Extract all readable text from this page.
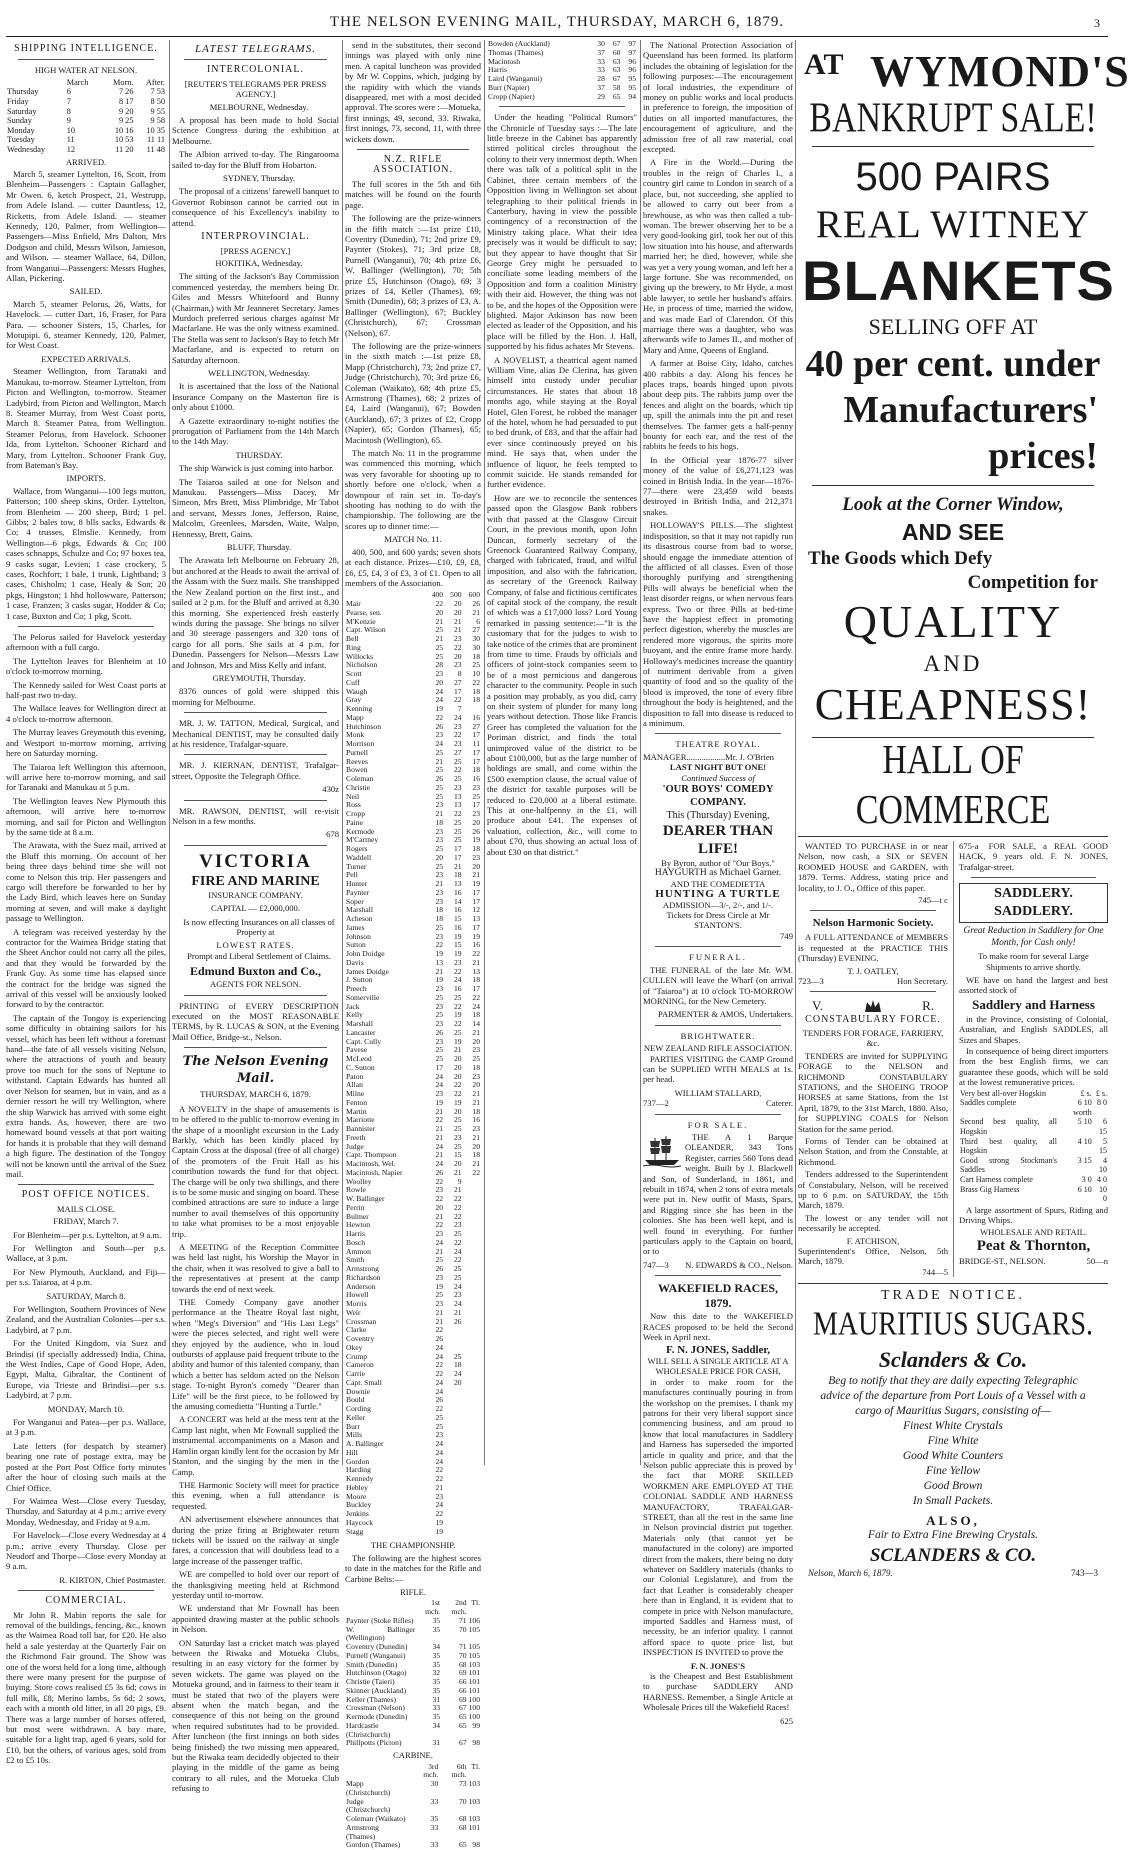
THE NELSON EVENING MAIL, THURSDAY, MARCH 6, 1879.	3
SHIPPING INTELLIGENCE.
HIGH WATER AT NELSON.
	March	Morn.	After.
Thursday	6	7 26	7 53
Friday	7	8 17	8 50
Saturday	8	9 20	9 55
Sunday	9	9 25	9 58
Monday	10	10 16	10 35
Tuesday	11	10 53	11 11
Wednesday	12	11 20	11 48
ARRIVED.

March 5, steamer Lyttelton, 16, Scott, from Blenheim—Passengers : Captain Gallagher, Mr Owen. 6, ketch Prospect, 21, Westrupp, from Adele Island. — cutter Dauntless, 12, Ricketts, from Adele Island. — steamer Kennedy, 120, Palmer, from Wellington—Passengers—Miss Enfield, Mrs Dalton, Mrs Dodgson and child, Messrs Wilson, Jamieson, and Wilson. — steamer Wallace, 64, Dillon, from Wanganui—Passengers: Messrs Hughes, Allan, Pickering.

SAILED.

March 5, steamer Pelorus, 26, Watts, for Havelock. — cutter Dart, 16, Fraser, for Para Para. — schooner Sisters, 15, Charles, for Motupipi. 6, steamer Kennedy, 120, Palmer, for West Coast.

EXPECTED ARRIVALS.

Steamer Wellington, from Taranaki and Manukau, to-morrow. Steamer Lyttelton, from Picton and Wellington, to-morrow. Steamer Ladybird, from Picton and Wellington, March 8. Steamer Murray, from West Coast ports, March 8. Steamer Patea, from Wellington. Steamer Pelorus, from Havelock. Schooner Ida, from Lyttelton. Schooner Richard and Mary, from Lyttelton. Schooner Frank Guy, from Bateman's Bay.

IMPORTS.

Wallace, from Wanganui—100 legs mutton, Patterson; 100 sheep skins, Order. Lyttelton, from Blenheim — 200 sheep, Bird; 1 pel. Gibbs; 2 bales tow, 8 blls sacks, Edwards & Co; 4 trusses, Elmslie. Kennedy, from Wellington—6 pkgs, Edwards & Co; 100 cases schnapps, Schulze and Co; 97 boxes tea, 9 casks sugar, Levien; 1 case crockery, 5 cases, Rochfort; 1 bale, 1 trunk, Lightband; 3 cases, Chisholm; 1 case, Healy & Son; 20 pkgs, Hingston; 1 hhd hollowware, Patterson; 1 case, Franzen; 3 casks sugar, Hodder & Co; 1 case, Buxton and Co; 1 pkg, Scott.

The Pelorus sailed for Havelock yesterday afternoon with a full cargo.

The Lyttelton leaves for Blenheim at 10 o'clock to-morrow morning.

The Kennedy sailed for West Coast ports at half-past two to-day.

The Wallace leaves for Wellington direct at 4 o'clock to-morrow afternoon.

The Murray leaves Greymouth this evening, and Westport to-morrow morning, arriving here on Saturday morning.

The Taiaroa left Wellington this afternoon, will arrive here to-morrow morning, and sail for Taranaki and Manukau at 5 p.m.

The Wellington leaves New Plymouth this afternoon, will arrive here to-morrow morning, and sail for Picton and Wellington by the same tide at 8 a.m.

The Arawata, with the Suez mail, arrived at the Bluff this morning. On account of her being three days behind time she will not come to Nelson this trip. Her passengers and cargo will therefore be forwarded to her by the Lady Bird, which leaves here on Sunday morning at seven, and will make a daylight passage to Wellington.

A telegram was received yesterday by the contractor for the Waimea Bridge stating that the Sheet Anchor could not carry all the piles, and that they would be forwarded by the Frank Guy. As some time has elapsed since the contract for the bridge was signed the arrival of this vessel will be anxiously looked forward to by the contractor.

The captain of the Tongoy is experiencing some difficulty in obtaining sailors for his vessel, which has been left without a foremast hand—the fate of all vessels visiting Nelson, where the attractions of youth and beauty prove too much for the sons of Neptune to withstand. Captain Edwards has hunted all over Nelson for seamen, but in vain, and as a dernier ressort he will try Wellington, where the ship Warwick has arrived with some eight extra hands. As, however, there are two homeward bound vessels at that port waiting for hands it is probable that they will demand a high figure. The destination of the Tongoy will not be known until the arrival of the Suez mail.

POST OFFICE NOTICES.
MAILS CLOSE.

FRIDAY, March 7.

For Blenheim—per p.s. Lyttelton, at 9 a.m.

For Wellington and South—per p.s. Wallace, at 3 p.m.

For New Plymouth, Auckland, and Fiji—per s.s. Taiaroa, at 4 p.m.

SATURDAY, March 8.

For Wellington, Southern Provinces of New Zealand, and the Australian Colonies—per s.s. Ladybird, at 7 p.m.

For the United Kingdom, via Suez and Brindisi (if specially addressed) India, China, the West Indies, Cape of Good Hope, Aden, Egypt, Malta, Gibraltar, the Continent of Europe, via Trieste and Brindisi—per s.s. Ladybird, at 7 p.m.

MONDAY, March 10.

For Wanganui and Patea—per p.s. Wallace, at 3 p.m.

Late letters (for despatch by steamer) bearing one rate of postage extra, may be posted at the Port Post Office forty minutes after the hour of closing such mails at the Chief Office.

For Waimea West—Close every Tuesday, Thursday, and Saturday at 4 p.m.; arrive every Monday, Wednesday, and Friday at 9 a.m.

For Havelock—Close every Wednesday at 4 p.m.; arrive every Thursday. Close per Neudorf and Thorpe—Close every Monday at 9 a.m.

R. KIRTON, Chief Postmaster.

COMMERCIAL.

Mr John R. Mabin reports the sale for removal of the buildings, fencing, &c., known as the Waimea Road toll bar, for £20. He also held a sale yesterday at the Quarterly Fair on the Richmond Fair ground. The Show was one of the worst held for a long time, although there were many present for the purpose of buying. Store cows realised £5 3s 6d; cows in full milk, £8; Merino lambs, 5s 6d; 2 sows, each with a month old litter, in all 20 pigs, £9. There was a large number of horses offered, but most were withdrawn. A bay mare, suitable for a light trap, aged 6 years, sold for £10, but the others, of various ages, sold from £2 to £5 10s.

LATEST TELEGRAMS.
INTERCOLONIAL.
[REUTER'S TELEGRAMS PER PRESS AGENCY.]

MELBOURNE, Wednesday.

A proposal has been made to hold Social Science Congress during the exhibition at Melbourne.

The Albion arrived to-day. The Ringarooma sailed to-day for the Bluff from Hobarton.

SYDNEY, Thursday.

The proposal of a citizens' farewell banquet to Governor Robinson cannot be carried out in consequence of his Excellency's inability to attend.

INTERPROVINCIAL.
[PRESS AGENCY.]

HOKITIKA, Wednesday.

The sitting of the Jackson's Bay Commission commenced yesterday, the members being Dr. Giles and Messrs Whitefoord and Bunny (Chairman,) with Mr Jeanneret Secretary. James Murdoch preferred serious charges against Mr Macfarlane. He was the only witness examined. The Stella was sent to Jackson's Bay to fetch Mr Macfarlane, and is expected to return on Saturday afternoon.

WELLINGTON, Wednesday.

It is ascertained that the loss of the National Insurance Company on the Masterton fire is only about £1000.

A Gazette extraordinary to-night notifies the prorogation of Parliament from the 14th March to the 14th May.

THURSDAY.

The ship Warwick is just coming into harbor.

The Taiaroa sailed at one for Nelson and Manukau. Passengers—Miss Dacey, Mr Simeon, Mrs Brett, Miss Plimbridge, Mr Tabot and servant, Messrs Jones, Jefferson, Raine, Malcolm, Greenlees, Marsden, Waite, Walpo, Hennessy, Brett, Gains.

BLUFF, Thursday.

The Arawata left Melbourne on February 28, but anchored at the Heads to await the arrival of the Assam with the Suez mails. She transhipped the New Zealand portion on the first inst., and sailed at 2 p.m. for the Bluff and arrived at 8.30 this morning. She experienced fresh easterly winds during the passage. She brings no silver and 30 steerage passengers and 320 tons of cargo for all ports. She sails at 4 p.m. for Dunedin. Passengers for Nelson—Messrs Law and Johnson, Mrs and Miss Kelly and infant.

GREYMOUTH, Thursday.

8376 ounces of gold were shipped this morning for Melbourne.

MR. J. W. TATTON, Medical, Surgical, and Mechanical DENTIST, may be consulted daily at his residence, Trafalgar-square.

MR. J. KIERNAN, DENTIST, Trafalgar-street, Opposite the Telegraph Office.

430z

MR. RAWSON, DENTIST, will re-visit Nelson in a few months.

678

VICTORIA
FIRE AND MARINE
INSURANCE COMPANY.
CAPITAL — £2,000,000.

Is now effecting Insurances on all classes of Property at

LOWEST RATES.

Prompt and Liberal Settlement of Claims.

Edmund Buxton and Co.,
AGENTS FOR NELSON.

PRINTING of EVERY DESCRIPTION executed on the MOST REASONABLE TERMS, by R. LUCAS & SON, at the Evening Mail Office, Bridge-st., Nelson.

The Nelson Evening Mail.
THURSDAY, MARCH 6, 1879.

A NOVELTY in the shape of amusements is to be offered to the public to-morrow evening in the shape of a moonlight excursion in the Lady Barkly, which has been kindly placed by Captain Cross at the disposal (free of all charge) of the promoters of the Fruit Hall as his contribution towards the fund for that object. The charge will be only two shillings, and there is to be some music and singing on board. These combined attractions are sure to induce a large number to avail themselves of this opportunity to take what promises to be a most enjoyable trip.

A MEETING of the Reception Committee was held last night, his Worship the Mayor in the chair, when it was resolved to give a ball to the representatives at present at the camp towards the end of next week.

THE Comedy Company gave another performance at the Theatre Royal last night, when "Meg's Diversion" and "His Last Legs" were the pieces selected, and right well were they enjoyed by the audience, who in loud outbursts of applause paid frequent tribute to the ability and humor of this talented company, than which a better has seldom acted on the Nelson stage. To-night Byron's comedy "Dearer than Life" will be the first piece, to be followed by the amusing comedietta "Hunting a Turtle."

A CONCERT was held at the mess tent at the Camp last night, when Mr Fownall supplied the instrumental accompaniments on a Mason and Hamlin organ kindly lent for the occasion by Mr Stanton, and the singing by the men in the Camp.

THE Harmonic Society will meet for practice this evening, when a full attendance is requested.

AN advertisement elsewhere announces that during the prize firing at Brightwater return tickets will be issued on the railway at single fares, a concession that will doubtless lead to a large increase of the passenger traffic.

WE are compelled to hold over our report of the thanksgiving meeting held at Richmond yesterday until to-morrow.

WE understand that Mr Fownall has been appointed drawing master at the public schools in Nelson.

ON Saturday last a cricket match was played between the Riwaka and Motueka Clubs, resulting in an easy victory for the former by seven wickets. The game was played on the Motueka ground, and in fairness to their team it must be stated that two of the players were absent when the match began, and the consequence of this not being on the ground when required substitutes had to be provided. After luncheon (the first innings on both sides being finished) the two missing men appeared, but the Riwaka team decidedly objected to their playing in the middle of the game as being contrary to all rules, and the Motueka Club refusing to

send in the substitutes, their second innings was played with only nine men. A capital luncheon was provided by Mr W. Coppins, which, judging by the rapidity with which the viands disappeared, met with a most decided approval. The scores were :—Motueka, first innings, 49, second, 33. Riwaka, first innings, 73, second, 11, with three wickets down.

N.Z. RIFLE ASSOCIATION.

The full scores in the 5th and 6th matches will be found on the fourth page.

The following are the prize-winners in the fifth match :—1st prize £10, Coventry (Dunedin), 71; 2nd prize £9, Paynter (Stokes), 71; 3rd prize £8, Purnell (Wanganui), 70; 4th prize £6, W. Ballinger (Wellington), 70; 5th prize £5, Hutchinson (Otago), 69; 3 prizes of £4, Keller (Thames), 69; Smith (Dunedin), 68; 3 prizes of £3, A. Ballinger (Wellington), 67; Buckley (Christchurch), 67; Crossman (Nelson), 67.

The following are the prize-winners in the sixth match :—1st prize £8, Mapp (Christchurch), 73; 2nd prize £7, Judge (Christchurch), 70; 3rd prize £6, Coleman (Waikato), 68; 4th prize £5, Armstrong (Thames), 68; 2 prizes of £4, Laird (Wanganui), 67; Bowden (Auckland), 67; 3 prizes of £2, Cropp (Napier), 65; Gordon (Thames), 65; Macintosh (Wellington), 65.

The match No. 11 in the programme was commenced this morning, which was very favorable for shooting up to shortly before one o'clock, when a downpour of rain set in. To-day's shooting has nothing to do with the championship. The following are the scores up to dinner time:—

MATCH No. 11.

400, 500, and 600 yards; seven shots at each distance. Prizes—£10, £9, £8, £6, £5, £4, 3 of £3, 3 of £1. Open to all members of the Association.

	400	500	600
Mair	22	20	26
Pearse, sen.	20	20	21
M'Kenzie	21	21	6
Capt. Wilson	25	21	27
Bell	21	23	30
Ring	25	22	30
Willocks	25	20	18
Nicholson	28	23	25
Scott	23	8	10
Cuff	20	27	22
Waugh	24	17	18
Gray	24	22	18
Kenning	19	7	
Mapp	22	24	16
Hutchinson	26	23	27
Monk	23	22	17
Morrison	24	23	11
Purnell	25	27	17
Reeves	21	25	17
Bowen	25	22	18
Coleman	26	25	16
Christie	25	23	23
Neil	25	13	25
Ross	23	13	17
Cropp	21	22	23
Paine	18	25	20
Kermode	23	25	26
M'Cartney	23	25	19
Rogers	25	17	18
Waddell	20	17	23
Turner	25	21	20
Pell	23	18	21
Hunter	21	13	19
Paynter	23	16	17
Soper	23	14	17
Marshall	18	16	12
Acheson	18	15	13
James	25	16	17
Johnson	23	19	19
Sutton	22	15	16
John Doidge	19	19	22
Davis	13	23	21
James Doidge	21	22	13
J. Sutton	19	24	18
Preech	23	16	17
Somerville	25	25	22
Jack	23	22	24
Kelly	25	19	18
Marshall	23	22	14
Lancaster	26	25	21
Capt. Cully	23	19	20
Pavese	25	21	23
McLeod	25	20	25
C. Sutton	17	20	18
Paton	24	20	23
Allan	24	22	20
Milne	23	22	21
Fenton	19	19	21
Martin	21	20	18
Marriotte	22	25	16
Bannister	21	25	23
Freeth	21	23	21
Judge	24	25	20
Capt. Thompson	21	15	18
Macintosh, Wel.	24	20	21
Macintosh, Napier	26	21	22
Woolley	22	9	
Rowle	23	21	
W. Ballinger	22	22	
Perrin	20	22	
Bulmer	21	22	
Hewton	22	23	
Harris	23	25	
Bosch	24	22	
Ammon	21	24	
Smith	25	22	
Armstrong	26	25	
Richardson	23	25	
Anderson	19	24	
Howell	25	23	
Morris	23	24	
Weir	21	21	
Crossman	21	26	
Clarke	22		
Coventry	26		
Okey	24		
Crump	24	25	
Cameron	22	18	
Carrie	22	24	
Capt. Small	24	20	
Downie	24		
Bould	26		
Cording	22		
Keller	25		
Burr	25		
Mills	23		
A. Ballinger	24		
Hill	24		
Gordon	24		
Harding	22		
Kennedy	22		
Hebley	21		
Moore	23		
Buckley	24		
Jenkins	22		
Haycock	19		
Stagg	19		
THE CHAMPIONSHIP.

The following are the highest scores to date in the matches for the Rifle and Carbine Belts:—

RIFLE.
	1st mch.	2nd mch.	Tl.
Paynter (Stoke Rifles)	35	71	106
W. Ballinger (Wellington)	35	70	105
Coventry (Dunedin)	34	71	105
Purnell (Wanganui)	35	70	105
Smith (Dunedin)	35	68	103
Hutchinson (Otago)	32	69	101
Christie (Taieri)	35	66	101
Skinner (Auckland)	35	66	101
Keller (Thames)	31	69	100
Crossman (Nelson)	33	67	100
Kermode (Dunedin)	35	65	100
Hardcastle (Christchurch)	34	65	99
Phillpotts (Picton)	31	67	98
CARBINE.
	3rd mch.	6th mch.	Tl.
Mapp (Christchurch)	30	73	103
Judge (Christchurch)	33	70	103
Coleman (Waikato)	35	68	103
Armstrong (Thames)	33	68	101
Gordon (Thames)	33	65	98
Bowden (Auckland)	30	67	97
Thomas (Thames)	37	60	97
Macintosh	33	63	96
Harris	33	63	96
Laird (Wanganui)	28	67	95
Burr (Napier)	37	58	95
Cropp (Napier)	29	65	94

Under the heading "Political Rumors" the Chronicle of Tuesday says :—The late little breeze in the Cabinet has apparently stirred political circles throughout the colony to their very innermost depth. When there was talk of a political split in the Cabinet, three certain members of the Opposition living in Wellington set about telegraphing to their political friends in Canterbury, having in view the possible contingency of a reconstruction of the Ministry taking place. What their idea precisely was it would be difficult to say; but they appear to have thought that Sir George Grey might be persuaded to conciliate some leading members of the Opposition and form a coalition Ministry with their aid. However, the thing was not to be, and the hopes of the Opposition were blighted. Major Atkinson has now been elected as leader of the Opposition, and his place will be filled by the Hon. J. Hall, supported by his fidus achates Mr Stevens.

A NOVELIST, a theatrical agent named William Vine, alias De Clerina, has given himself into custody under peculiar circumstances. He states that about 18 months ago, while staying at the Royal Hotel, Glen Forest, he robbed the manager of the hotel, whom he had persuaded to put to bed drunk, of £83, and that the affair had ever since continuously preyed on his mind. He says that, when under the influence of liquor, he feels tempted to commit suicide. He stands remanded for further evidence.

How are we to reconcile the sentences passed upon the Glasgow Bank robbers with that passed at the Glasgow Circuit Court, in the previous month, upon John Duncan, formerly secretary of the Greenock Guaranteed Railway Company, charged with fabricated, fraud, and wilful imposition, and also with the fabrication, as secretary of the Greenock Railway Company, of false and fictitious certificates of capital stock of the company, the result of which was a £17,000 loss? Lord Young remarked in passing sentence:—"It is the customary that for the judges to wish to take notice of the crimes that are prominent from time to time. Frauds by officials and officers of joint-stock companies seem to be of a most pernicious and dangerous character to the community. People in such a position may probably, as you did, carry on their system of plunder for many long years without detection. Those like Francis Greer has completed the valuation for the Poriman district, and finds the total unimproved value of the district to be about £100,000, but as the large number of holdings are small, and come within the £500 exemption clause, the actual value of the district for taxable purposes will be reduced to £20,000 at a liberal estimate. This at one-halfpenny in the £1, will produce about £41. The expenses of valuation, collection, &c., will come to about £70, thus showing an actual loss of about £30 on that district."

The National Protection Association of Queensland has been formed. Its platform includes the obtaining of legislation for the following purposes:—The encouragement of local industries, the expenditure of money on public works and local products in preference to foreign, the imposition of duties on all imported manufactures, the encouragement of agriculture, and the admission free of all raw material, coal excepted.

A Fire in the World.—During the troubles in the reign of Charles I., a country girl came to London in search of a place, but, not succeeding, she applied to be allowed to carry out beer from a brewhouse, as who was then called a tub-woman. The brewer observing her to be a very good-looking girl, took her out of this low situation into his house, and afterwards married her; he died, however, while she was yet a very young woman, and left her a large fortune. She was recommended, on giving up the brewery, to Mr Hyde, a most able lawyer, to settle her husband's affairs. He, in process of time, married the widow, and was made Earl of Clarendon. Of this marriage there was a daughter, who was afterwards wife to James II., and mother of Mary and Anne, Queens of England.

A farmer at Boise City, Idaho, catches 400 rabbits a day. Along his fences he places traps, boards hinged upon pivots about deep pits. The rabbits jump over the fences and alight on the boards, which tip up, spill the animals into the pit and reset themselves. The farmer gets a half-penny bounty for each ear, and the rest of the rabbits he feeds to his hogs.

In the Official year 1876-77 silver money of the value of £6,271,123 was coined in British India. In the year—1876-77—there were 23,459 wild beasts destroyed in British India, and 212,371 snakes.

HOLLOWAY'S PILLS.—The slightest indisposition, so that it may not rapidly run its disastrous course from bad to worse, should engage the immediate attention of the afflicted of all classes. Even of those thoroughly purifying and strengthening Pills will always be beneficial when the least disorder reigns, or when nervous fears express. Two or three Pills at bed-time have the happiest effect in promoting perfect digestion, whereby the muscles are rendered more vigorous, the spirits more buoyant, and the entire frame more hardy. Holloway's medicines increase the quantity of nutriment derivable from a given quantity of food and so the quality of the blood is improved, the tone of every fibre throughout the body is heightened, and the disposition to fall into disease is reduced to a minimum.

THEATRE ROYAL.
MANAGER..................Mr. J. O'Brien
LAST NIGHT BUT ONE!
Continued Success of
'OUR BOYS' COMEDY COMPANY.
This (Thursday) Evening,
DEARER THAN LIFE!
By Byron, author of "Our Boys."
HAYGURTH as Michael Garner.
AND THE COMEDIETTA
HUNTING A TURTLE
ADMISSION—3/-, 2/-, and 1/-.
Tickets for Dress Circle at Mr STANTON'S.
749
FUNERAL.

THE FUNERAL of the late Mr. WM. CULLEN will leave the Wharf (on arrival of "Taiaroa") at 10 o'clock TO-MORROW MORNING, for the New Cemetery.

PARMENTER & AMOS, Undertakers.

BRIGHTWATER.
NEW ZEALAND RIFLE ASSOCIATION.

PARTIES VISITING the CAMP Ground can be SUPPLIED WITH MEALS at 1s. per head.

WILLIAM STALLARD,
737—2	Caterer.
FOR SALE.

THE A 1 Barque OLEANDER, 343 Tons Register, carries 560 Tons dead weight. Built by J. Blackwell and Son, of Sunderland, in 1861, and rebuilt in 1874, when 2 tons of extra metals were put in. New outfit of Masts, Spars, and Rigging since she has been in the colonies. She has been well kept, and is well found in everything. For further particulars apply to the Captain on board, or to

747—3 N. EDWARDS & CO., Nelson.
WAKEFIELD RACES, 1879.

Now this date to the WAKEFIELD RACES proposed to be held the Second Week in April next.

F. N. JONES, Saddler,
WILL SELL A SINGLE ARTICLE AT A WHOLESALE PRICE FOR CASH,

in order to make room for the manufactures continually pouring in from the workshop on the premises. I thank my patrons for their very liberal support since commencing business, and am proud to know that local manufactures in Saddlery and Harness has superseded the imported article in quality and price, and that the Nelson public appreciate this is proved by the fact that MORE SKILLED WORKMEN ARE EMPLOYED AT THE COLONIAL SADDLE AND HARNESS MANUFACTORY, TRAFALGAR-STREET, than all the rest in the same line in Nelson provincial district put together. Materials only (that cannot yet be manufactured in the colony) are imported direct from the makers, there being no duty whatever on Saddlery materials (thanks to our Colonial Legislature), and from the fact that Leather is considerably cheaper here than in England, it is evident that to compete in price with Nelson manufacture, imported Saddles and Harness must, of necessity, be an inferior quality. I cannot afford space to quote price list, but INSPECTION IS INVITED to prove the

F. N. JONES'S

is the Cheapest and Best Establishment to purchase SADDLERY AND HARNESS. Remember, a Single Article at Wholesale Prices till the Wakefield Races!

625
AT WYMOND'S
BANKRUPT SALE!
500 PAIRS
REAL WITNEY
BLANKETS
SELLING OFF AT
40 per cent. under
Manufacturers'
prices!
Look at the Corner Window,
AND SEE
The Goods which Defy
Competition for
QUALITY
AND
CHEAPNESS!
HALL OF COMMERCE

WANTED TO PURCHASE in or near Nelson, now cash, a SIX or SEVEN ROOMED HOUSE and GARDEN, with 1879. Terms. Address, stating price and locality, to J. O., Office of this paper.

745—t c
Nelson Harmonic Society.

A FULL ATTENDANCE of MEMBERS is requested at the PRACTICE THIS (Thursday) EVENING.

T. J. OATLEY,
723—3	Hon Secretary.
V.	R.
CONSTABULARY FORCE.
TENDERS FOR FORAGE, FARRIERY, &c.

TENDERS are invited for SUPPLYING FORAGE to the NELSON and RICHMOND CONSTABULARY STATIONS, and the SHOEING TROOP HORSES at same Stations, from the 1st April, 1879, to the 31st March, 1880. Also, for SUPPLYING COALS for Nelson Station for the same period.

Forms of Tender can be obtained at Nelson Station, and from the Constable, at Richmond.

Tenders addressed to the Superintendent of Constabulary, Nelson, will be received up to 6 p.m. on SATURDAY, the 15th March, 1879.

The lowest or any tender will not necessarily be accepted.

F. ATCHISON,
Superintendent's Office, Nelson, 5th March, 1879.
744—5
675-a	FOR SALE, a REAL GOOD HACK, 9 years old. F. N. JONES, Trafalgar-street.

SADDLERY. SADDLERY.
Great Reduction in Saddlery for One Month, for Cash only!
To make room for several Large Shipments to arrive shortly.

WE have on hand the largest and best assorted stock of

Saddlery and Harness

in the Province, consisting of Colonial, Australian, and English SADDLES, all Sizes and Shapes.

In consequence of being direct importers from the best English firms, we can guarantee these goods, which will be sold at the lowest remunerative prices.

Very best all-over Hogskin	£ s.	£ s.
Saddles complete	6 10 worth	8 0
Second best quality, all Hogskin	5 10	6 15
Third best quality, all Hogskin	4 10	5 15
Good strong Stockman's Saddles	3 15	4 10
Cart Harness complete	3 0	4 0
Brass Gig Harness	6 10	10 0

A large assortment of Spurs, Riding and Driving Whips.

WHOLESALE AND RETAIL.
Peat & Thornton,
BRIDGE-ST., NELSON.	50—n
TRADE NOTICE.
MAURITIUS SUGARS.
Sclanders & Co.
Beg to notify that they are daily expecting Telegraphic advice of the departure from Port Louis of a Vessel with a cargo of Mauritius Sugars, consisting of—
Finest White Crystals
Fine White
Good White Counters
Fine Yellow
Good Brown
In Small Packets.
ALSO,
Fair to Extra Fine Brewing Crystals.
SCLANDERS & CO.
Nelson, March 6, 1879.	743—3
